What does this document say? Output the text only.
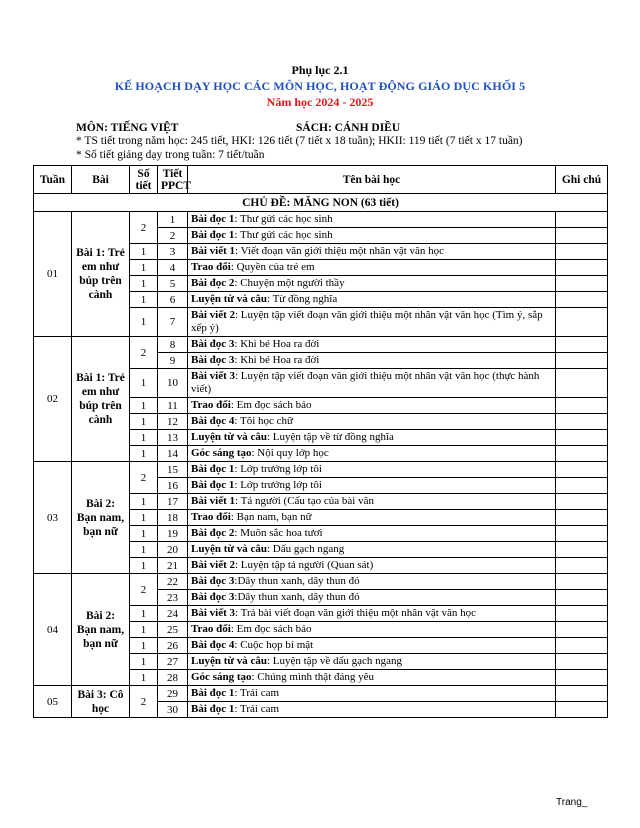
Phụ lục 2.1
KẾ HOẠCH DẠY HỌC CÁC MÔN HỌC, HOẠT ĐỘNG GIÁO DỤC KHỐI 5
Năm học 2024 - 2025
MÔN: TIẾNG VIỆT	SÁCH: CÁNH DIỀU
* TS tiết trong năm học: 245 tiết, HKI: 126 tiết (7 tiết x 18 tuần); HKII: 119 tiết (7 tiết x 17 tuần)
* Số tiết giảng dạy trong tuần: 7 tiết/tuần
Tuần	Bài	Số tiết	Tiết PPCT	Tên bài học	Ghi chú
CHỦ ĐỀ: MĂNG NON (63 tiết)					
01	Bài 1: Trẻ em như búp trên cành	2	1	Bài đọc 1: Thư gửi các học sinh	
			2	Bài đọc 1: Thư gửi các học sinh	
		1	3	Bài viết 1: Viết đoạn văn giới thiệu một nhân vật văn học	
		1	4	Trao đổi: Quyền của trẻ em	
		1	5	Bài đọc 2: Chuyện một người thầy	
		1	6	Luyện từ và câu: Từ đồng nghĩa	
		1	7	Bài viết 2: Luyện tập viết đoạn văn giới thiệu một nhân vật văn học (Tìm ý, sắp xếp ý)	
02	Bài 1: Trẻ em như búp trên cành	2	8	Bài đọc 3: Khi bé Hoa ra đời	
			9	Bài đọc 3: Khi bé Hoa ra đời	
		1	10	Bài viết 3: Luyện tập viết đoạn văn giới thiệu một nhân vật văn học (thực hành viết)	
		1	11	Trao đổi: Em đọc sách báo	
		1	12	Bài đọc 4: Tôi học chữ	
		1	13	Luyện từ và câu: Luyện tập về từ đồng nghĩa	
		1	14	Góc sáng tạo: Nội quy lớp học	
03	Bài 2: Bạn nam, bạn nữ	2	15	Bài đọc 1: Lớp trưởng lớp tôi	
			16	Bài đọc 1: Lớp trưởng lớp tôi	
		1	17	Bài viết 1: Tả người (Cấu tạo của bài văn	
		1	18	Trao đổi: Bạn nam, bạn nữ	
		1	19	Bài đọc 2: Muôn sắc hoa tươi	
		1	20	Luyện từ và câu: Dấu gạch ngang	
		1	21	Bài viết 2: Luyện tập tả người (Quan sát)	
04	Bài 2: Bạn nam, bạn nữ	2	22	Bài đọc 3:Dây thun xanh, dây thun đỏ	
			23	Bài đọc 3:Dây thun xanh, dây thun đỏ	
		1	24	Bài viết 3: Trả bài viết đoạn văn giới thiệu một nhân vật văn học	
		1	25	Trao đổi: Em đọc sách báo	
		1	26	Bài đọc 4: Cuộc họp bí mật	
		1	27	Luyện từ và câu: Luyện tập về dấu gạch ngang	
		1	28	Góc sáng tạo: Chúng mình thật đáng yêu	
05	Bài 3: Cô học	2	29	Bài đọc 1: Trái cam	
			30	Bài đọc 1: Trái cam	
Trang_
